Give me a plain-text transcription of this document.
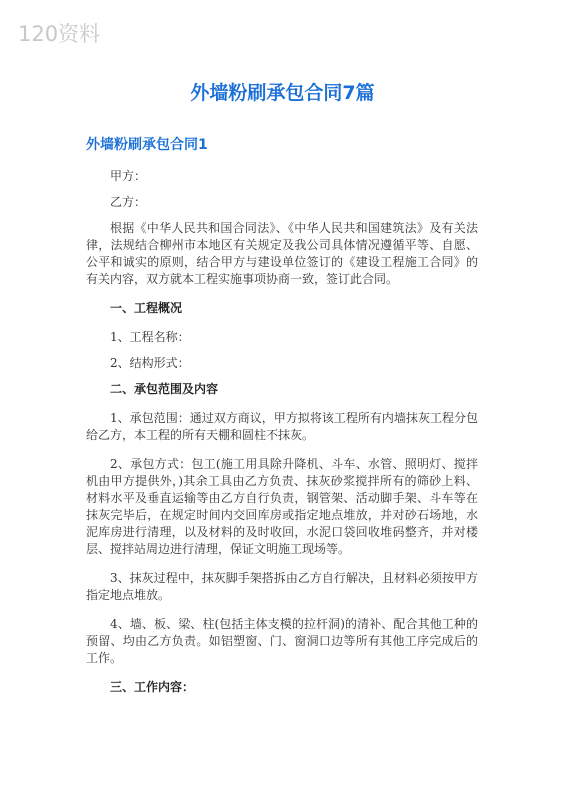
120资料
外墙粉刷承包合同7篇
外墙粉刷承包合同1

甲方：

乙方：

根据《中华人民共和国合同法》、《中华人民共和国建筑法》及有关法律，法规结合柳州市本地区有关规定及我公司具体情况遵循平等、自愿、公平和诚实的原则，结合甲方与建设单位签订的《建设工程施工合同》的有关内容，双方就本工程实施事项协商一致，签订此合同。

一、工程概况

1、工程名称：

2、结构形式：

二、承包范围及内容

1、承包范围：通过双方商议，甲方拟将该工程所有内墙抹灰工程分包给乙方，本工程的所有天棚和圆柱不抹灰。

2、承包方式：包工(施工用具除升降机、斗车、水管、照明灯、搅拌机由甲方提供外，)其余工具由乙方负责、抹灰砂浆搅拌所有的筛砂上料、材料水平及垂直运输等由乙方自行负责，钢管架、活动脚手架、斗车等在抹灰完毕后，在规定时间内交回库房或指定地点堆放，并对砂石场地，水泥库房进行清理，以及材料的及时收回，水泥口袋回收堆码整齐，并对楼层、搅拌站周边进行清理，保证文明施工现场等。

3、抹灰过程中，抹灰脚手架搭拆由乙方自行解决，且材料必须按甲方指定地点堆放。

4、墙、板、梁、柱(包括主体支模的拉杆洞)的清补、配合其他工种的预留、均由乙方负责。如铝塑窗、门、窗洞口边等所有其他工序完成后的工作。

三、工作内容：
